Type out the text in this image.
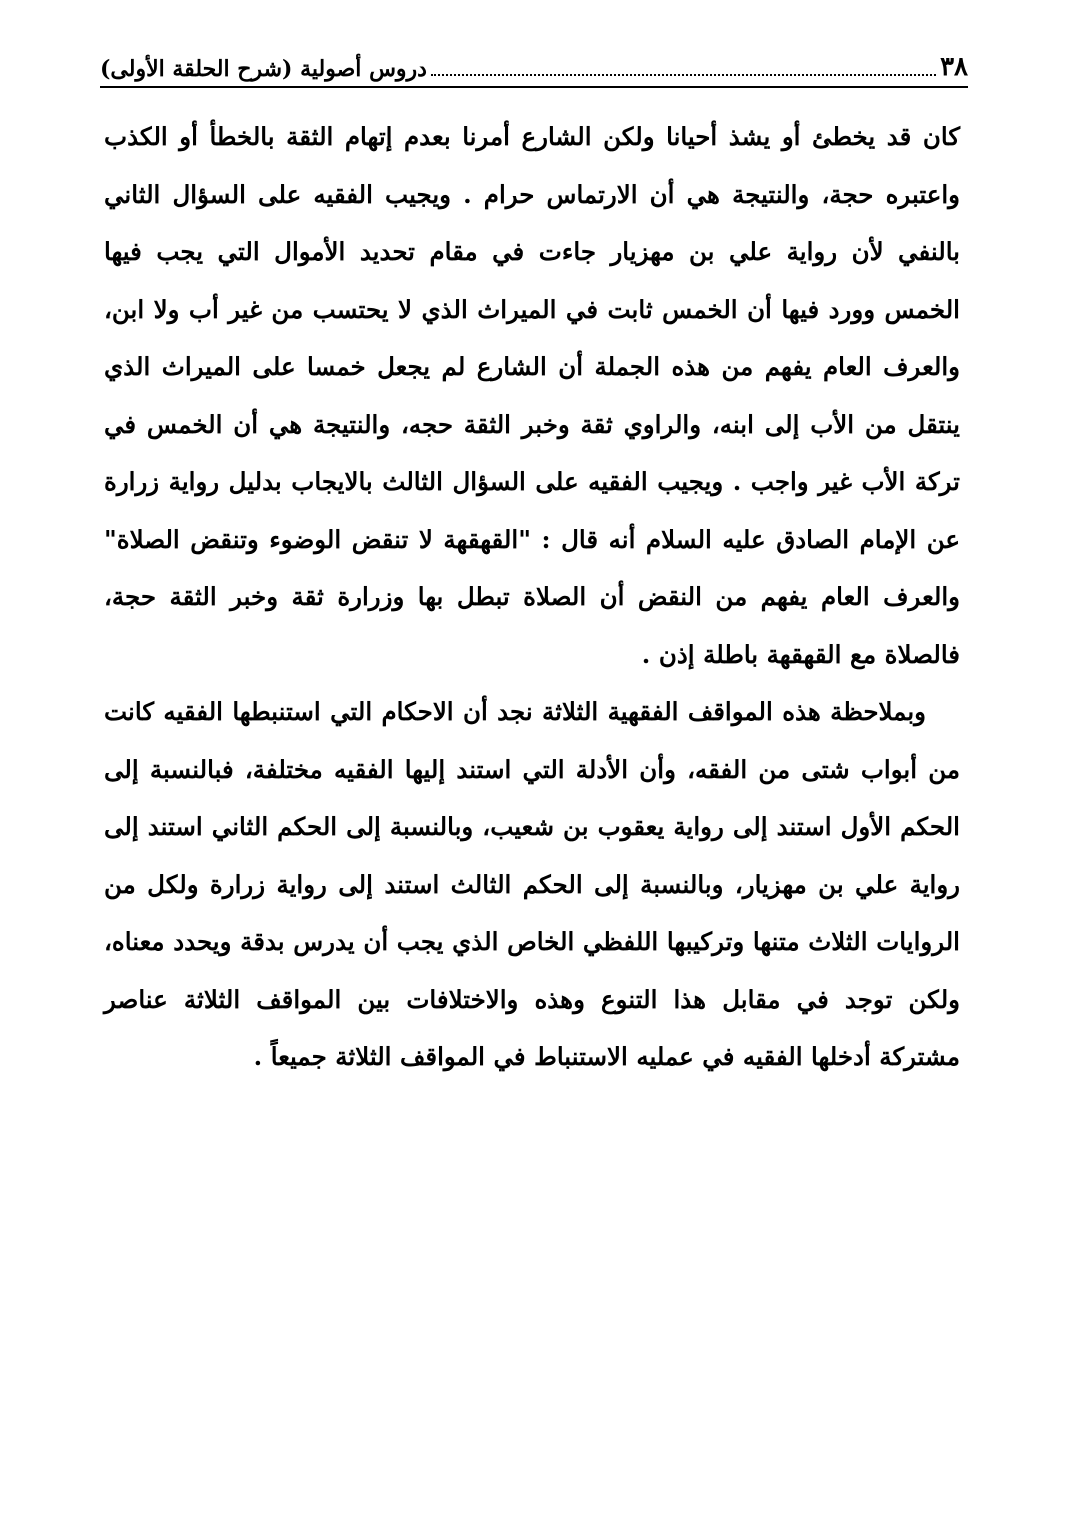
٣٨
دروس أصولية (شرح الحلقة الأولى)

كان قد يخطئ أو يشذ أحيانا ولكن الشارع أمرنا بعدم إتهام الثقة بالخطأ أو الكذب واعتبره حجة، والنتيجة هي أن الارتماس حرام . ويجيب الفقيه على السؤال الثاني بالنفي لأن رواية علي بن مهزيار جاءت في مقام تحديد الأموال التي يجب فيها الخمس وورد فيها أن الخمس ثابت في الميراث الذي لا يحتسب من غير أب ولا ابن، والعرف العام يفهم من هذه الجملة أن الشارع لم يجعل خمسا على الميراث الذي ينتقل من الأب إلى ابنه، والراوي ثقة وخبر الثقة حجه، والنتيجة هي أن الخمس في تركة الأب غير واجب . ويجيب الفقيه على السؤال الثالث بالايجاب بدليل رواية زرارة عن الإمام الصادق عليه السلام أنه قال : "القهقهة لا تنقض الوضوء وتنقض الصلاة" والعرف العام يفهم من النقض أن الصلاة تبطل بها وزرارة ثقة وخبر الثقة حجة، فالصلاة مع القهقهة باطلة إذن .

وبملاحظة هذه المواقف الفقهية الثلاثة نجد أن الاحكام التي استنبطها الفقيه كانت من أبواب شتى من الفقه، وأن الأدلة التي استند إليها الفقيه مختلفة، فبالنسبة إلى الحكم الأول استند إلى رواية يعقوب بن شعيب، وبالنسبة إلى الحكم الثاني استند إلى رواية علي بن مهزيار، وبالنسبة إلى الحكم الثالث استند إلى رواية زرارة ولكل من الروايات الثلاث متنها وتركيبها اللفظي الخاص الذي يجب أن يدرس بدقة ويحدد معناه، ولكن توجد في مقابل هذا التنوع وهذه والاختلافات بين المواقف الثلاثة عناصر مشتركة أدخلها الفقيه في عمليه الاستنباط في المواقف الثلاثة جميعاً .
